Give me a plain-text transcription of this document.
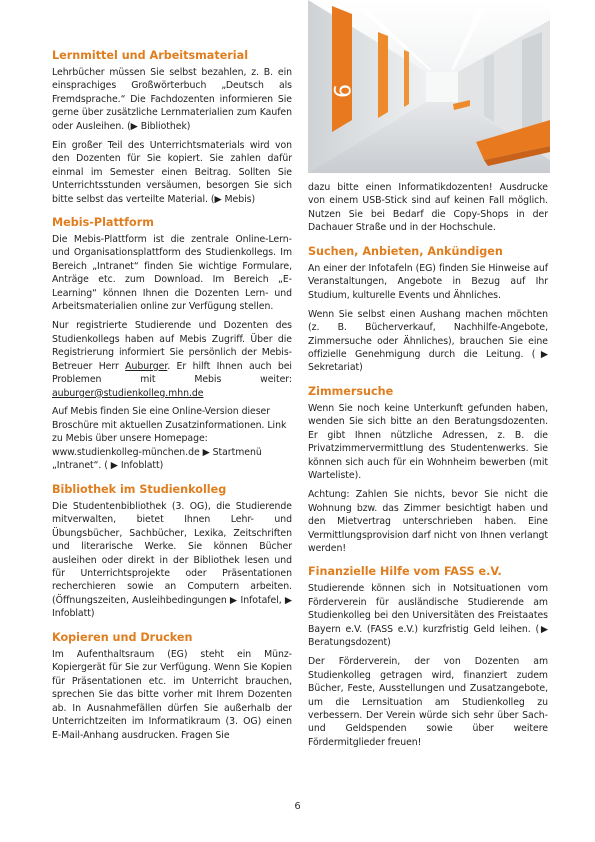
Lernmittel und Arbeitsmaterial

Lehrbücher müssen Sie selbst bezahlen, z. B. ein einsprachiges Großwörterbuch „Deutsch als Fremdsprache.“ Die Fachdozenten informieren Sie gerne über zusätzliche Lernmaterialien zum Kaufen oder Ausleihen. (▶ Bibliothek)

Ein großer Teil des Unterrichtsmaterials wird von den Dozenten für Sie kopiert. Sie zahlen dafür einmal im Semester einen Beitrag. Sollten Sie Unterrichtsstunden versäumen, besorgen Sie sich bitte selbst das verteilte Material. (▶ Mebis)

Mebis-Plattform

Die Mebis-Plattform ist die zentrale Online-Lern- und Organisationsplattform des Studienkollegs. Im Bereich „Intranet“ finden Sie wichtige Formulare, Anträge etc. zum Download. Im Bereich „E-Learning“ können Ihnen die Dozenten Lern- und Arbeitsmaterialien online zur Verfügung stellen.

Nur registrierte Studierende und Dozenten des Studienkollegs haben auf Mebis Zugriff. Über die Registrierung informiert Sie persönlich der Mebis-Betreuer Herr Auburger. Er hilft Ihnen auch bei Problemen mit Mebis weiter: auburger@studienkolleg.mhn.de

Auf Mebis finden Sie eine Online-Version dieser Broschüre mit aktuellen Zusatzinformationen. Link zu Mebis über unsere Homepage: www.studienkolleg-münchen.de ▶ Startmenü „Intranet“. ( ▶ Infoblatt)

Bibliothek im Studienkolleg

Die Studentenbibliothek (3. OG), die Studierende mitverwalten, bietet Ihnen Lehr- und Übungsbücher, Sachbücher, Lexika, Zeitschriften und literarische Werke. Sie können Bücher ausleihen oder direkt in der Bibliothek lesen und für Unterrichtsprojekte oder Präsentationen recherchieren sowie an Computern arbeiten. (Öffnungszeiten, Ausleihbedingungen ▶ Infotafel, ▶ Infoblatt)

Kopieren und Drucken

Im Aufenthaltsraum (EG) steht ein Münz-Kopiergerät für Sie zur Verfügung. Wenn Sie Kopien für Präsentationen etc. im Unterricht brauchen, sprechen Sie das bitte vorher mit Ihrem Dozenten ab. In Ausnahmefällen dürfen Sie außerhalb der Unterrichtzeiten im Informatikraum (3. OG) einen E-Mail-Anhang ausdrucken. Fragen Sie

9

dazu bitte einen Informatikdozenten! Ausdrucke von einem USB-Stick sind auf keinen Fall möglich. Nutzen Sie bei Bedarf die Copy-Shops in der Dachauer Straße und in der Hochschule.

Suchen, Anbieten, Ankündigen

An einer der Infotafeln (EG) finden Sie Hinweise auf Veranstaltungen, Angebote in Bezug auf Ihr Studium, kulturelle Events und Ähnliches.

Wenn Sie selbst einen Aushang machen möchten (z. B. Bücherverkauf, Nachhilfe-Angebote, Zimmersuche oder Ähnliches), brauchen Sie eine offizielle Genehmigung durch die Leitung. (▶ Sekretariat)

Zimmersuche

Wenn Sie noch keine Unterkunft gefunden haben, wenden Sie sich bitte an den Beratungsdozenten. Er gibt Ihnen nützliche Adressen, z. B. die Privatzimmervermittlung des Studentenwerks. Sie können sich auch für ein Wohnheim bewerben (mit Warteliste).

Achtung: Zahlen Sie nichts, bevor Sie nicht die Wohnung bzw. das Zimmer besichtigt haben und den Mietvertrag unterschrieben haben. Eine Vermittlungsprovision darf nicht von Ihnen verlangt werden!

Finanzielle Hilfe vom FASS e.V.

Studierende können sich in Notsituationen vom Förderverein für ausländische Studierende am Studienkolleg bei den Universitäten des Freistaates Bayern e.V. (FASS e.V.) kurzfristig Geld leihen. (▶ Beratungsdozent)

Der Förderverein, der von Dozenten am Studienkolleg getragen wird, finanziert zudem Bücher, Feste, Ausstellungen und Zusatzangebote, um die Lernsituation am Studienkolleg zu verbessern. Der Verein würde sich sehr über Sach- und Geldspenden sowie über weitere Fördermitglieder freuen!

6
